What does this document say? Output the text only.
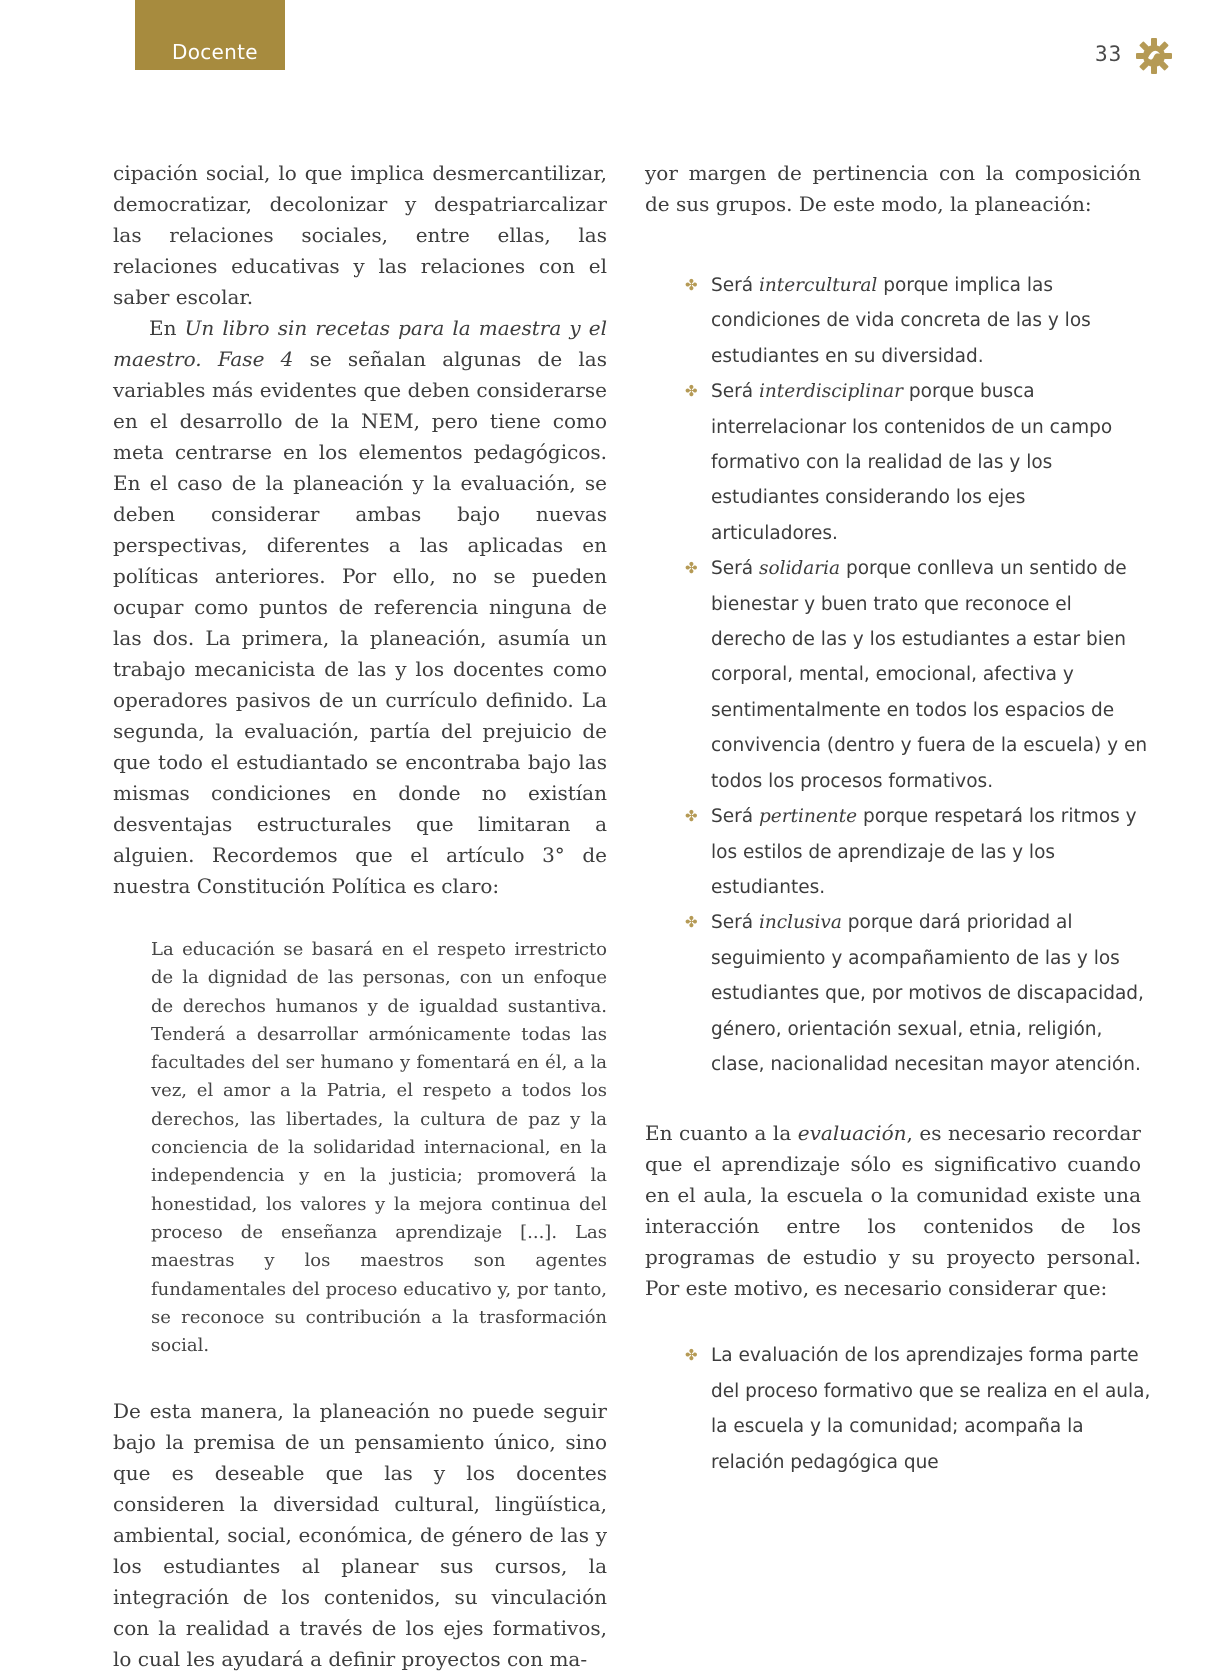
Docente	33

cipación social, lo que implica desmercantilizar, democratizar, decolonizar y despatriarcalizar las relaciones sociales, entre ellas, las relaciones educativas y las relaciones con el saber escolar.

En Un libro sin recetas para la maestra y el maestro. Fase 4 se señalan algunas de las variables más evidentes que deben considerarse en el desarrollo de la NEM, pero tiene como meta centrarse en los elementos pedagógicos. En el caso de la planeación y la evaluación, se deben considerar ambas bajo nuevas perspectivas, diferentes a las aplicadas en políticas anteriores. Por ello, no se pueden ocupar como puntos de referencia ninguna de las dos. La primera, la planeación, asumía un trabajo mecanicista de las y los docentes como operadores pasivos de un currículo definido. La segunda, la evaluación, partía del prejuicio de que todo el estudiantado se encontraba bajo las mismas condiciones en donde no existían desventajas estructurales que limitaran a alguien. Recordemos que el artículo 3° de nuestra Constitución Política es claro:

La educación se basará en el respeto irrestricto de la dignidad de las personas, con un enfoque de derechos humanos y de igualdad sustantiva. Tenderá a desarrollar armónicamente todas las facultades del ser humano y fomentará en él, a la vez, el amor a la Patria, el respeto a todos los derechos, las libertades, la cultura de paz y la conciencia de la solidaridad internacional, en la independencia y en la justicia; promoverá la honestidad, los valores y la mejora continua del proceso de enseñanza aprendizaje [...]. Las maestras y los maestros son agentes fundamentales del proceso educativo y, por tanto, se reconoce su contribución a la trasformación social.

De esta manera, la planeación no puede seguir bajo la premisa de un pensamiento único, sino que es deseable que las y los docentes consideren la diversidad cultural, lingüística, ambiental, social, económica, de género de las y los estudiantes al planear sus cursos, la integración de los contenidos, su vinculación con la realidad a través de los ejes formativos, lo cual les ayudará a definir proyectos con ma-

yor margen de pertinencia con la composición de sus grupos. De este modo, la planeación:

✤ Será intercultural porque implica las condiciones de vida concreta de las y los estudiantes en su diversidad.
✤ Será interdisciplinar porque busca interrelacionar los contenidos de un campo formativo con la realidad de las y los estudiantes considerando los ejes articuladores.
✤ Será solidaria porque conlleva un sentido de bienestar y buen trato que reconoce el derecho de las y los estudiantes a estar bien corporal, mental, emocional, afectiva y sentimentalmente en todos los espacios de convivencia (dentro y fuera de la escuela) y en todos los procesos formativos.
✤ Será pertinente porque respetará los ritmos y los estilos de aprendizaje de las y los estudiantes.
✤ Será inclusiva porque dará prioridad al seguimiento y acompañamiento de las y los estudiantes que, por motivos de discapacidad, género, orientación sexual, etnia, religión, clase, nacionalidad necesitan mayor atención.

En cuanto a la evaluación, es necesario recordar que el aprendizaje sólo es significativo cuando en el aula, la escuela o la comunidad existe una interacción entre los contenidos de los programas de estudio y su proyecto personal. Por este motivo, es necesario considerar que:

✤ La evaluación de los aprendizajes forma parte del proceso formativo que se realiza en el aula, la escuela y la comunidad; acompaña la relación pedagógica que
